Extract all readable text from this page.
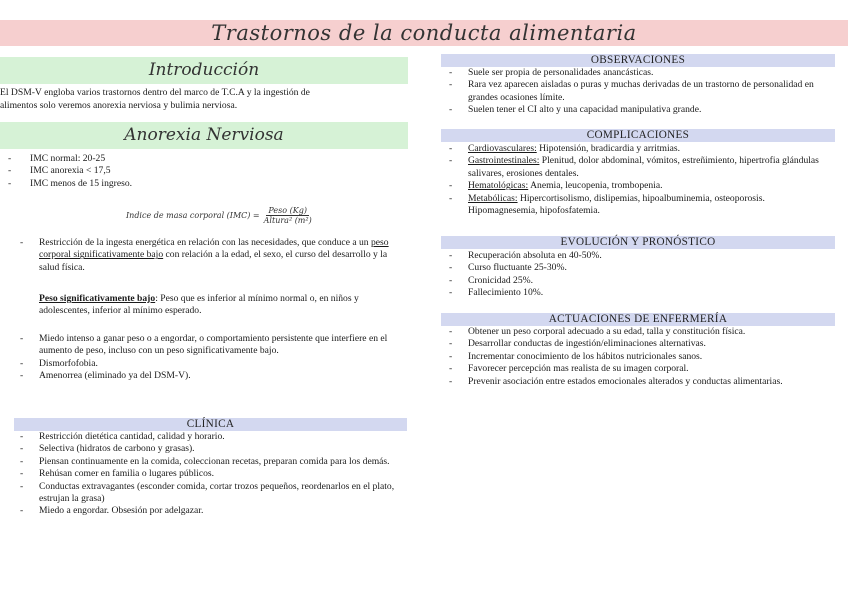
Trastornos de la conducta alimentaria
Introducción
El DSM-V engloba varios trastornos dentro del marco de T.C.A y la ingestión de
alimentos solo veremos anorexia nerviosa y bulimia nerviosa.
Anorexia Nerviosa
- IMC normal: 20-25
- IMC anorexia < 17,5
- IMC menos de 15 ingreso.
Indice de masa corporal $(IMC) = \frac{\text{Peso (Kg)}}{\text{Altura² (m²)}}$
- Restricción de la ingesta energética en relación con las necesidades, que conduce a un peso corporal significativamente bajo con relación a la edad, el sexo, el curso del desarrollo y la salud física.
Peso significativamente bajo: Peso que es inferior al mínimo normal o, en niños y adolescentes, inferior al mínimo esperado.
- Miedo intenso a ganar peso o a engordar, o comportamiento persistente que interfiere en el aumento de peso, incluso con un peso significativamente bajo.
- Dismorfofobia.
- Amenorrea (eliminado ya del DSM-V).
CLÍNICA
- Restricción dietética cantidad, calidad y horario.
- Selectiva (hidratos de carbono y grasas).
- Piensan continuamente en la comida, coleccionan recetas, preparan comida para los demás.
- Rehúsan comer en familia o lugares públicos.
- Conductas extravagantes (esconder comida, cortar trozos pequeños, reordenarlos en el plato, estrujan la grasa)
- Miedo a engordar. Obsesión por adelgazar.
OBSERVACIONES
- Suele ser propia de personalidades anancásticas.
- Rara vez aparecen aisladas o puras y muchas derivadas de un trastorno de personalidad en grandes ocasiones límite.
- Suelen tener el CI alto y una capacidad manipulativa grande.
COMPLICACIONES
- Cardiovasculares: Hipotensión, bradicardia y arritmias.
- Gastrointestinales: Plenitud, dolor abdominal, vómitos, estreñimiento, hipertrofia glándulas salivares, erosiones dentales.
- Hematológicas: Anemia, leucopenia, trombopenia.
- Metabólicas: Hipercortisolismo, dislipemias, hipoalbuminemia, osteoporosis. Hipomagnesemia, hipofosfatemia.
EVOLUCIÓN Y PRONÓSTICO
- Recuperación absoluta en 40-50%.
- Curso fluctuante 25-30%.
- Cronicidad 25%.
- Fallecimiento 10%.
ACTUACIONES DE ENFERMERÍA
- Obtener un peso corporal adecuado a su edad, talla y constitución física.
- Desarrollar conductas de ingestión/eliminaciones alternativas.
- Incrementar conocimiento de los hábitos nutricionales sanos.
- Favorecer percepción mas realista de su imagen corporal.
- Prevenir asociación entre estados emocionales alterados y conductas alimentarias.
